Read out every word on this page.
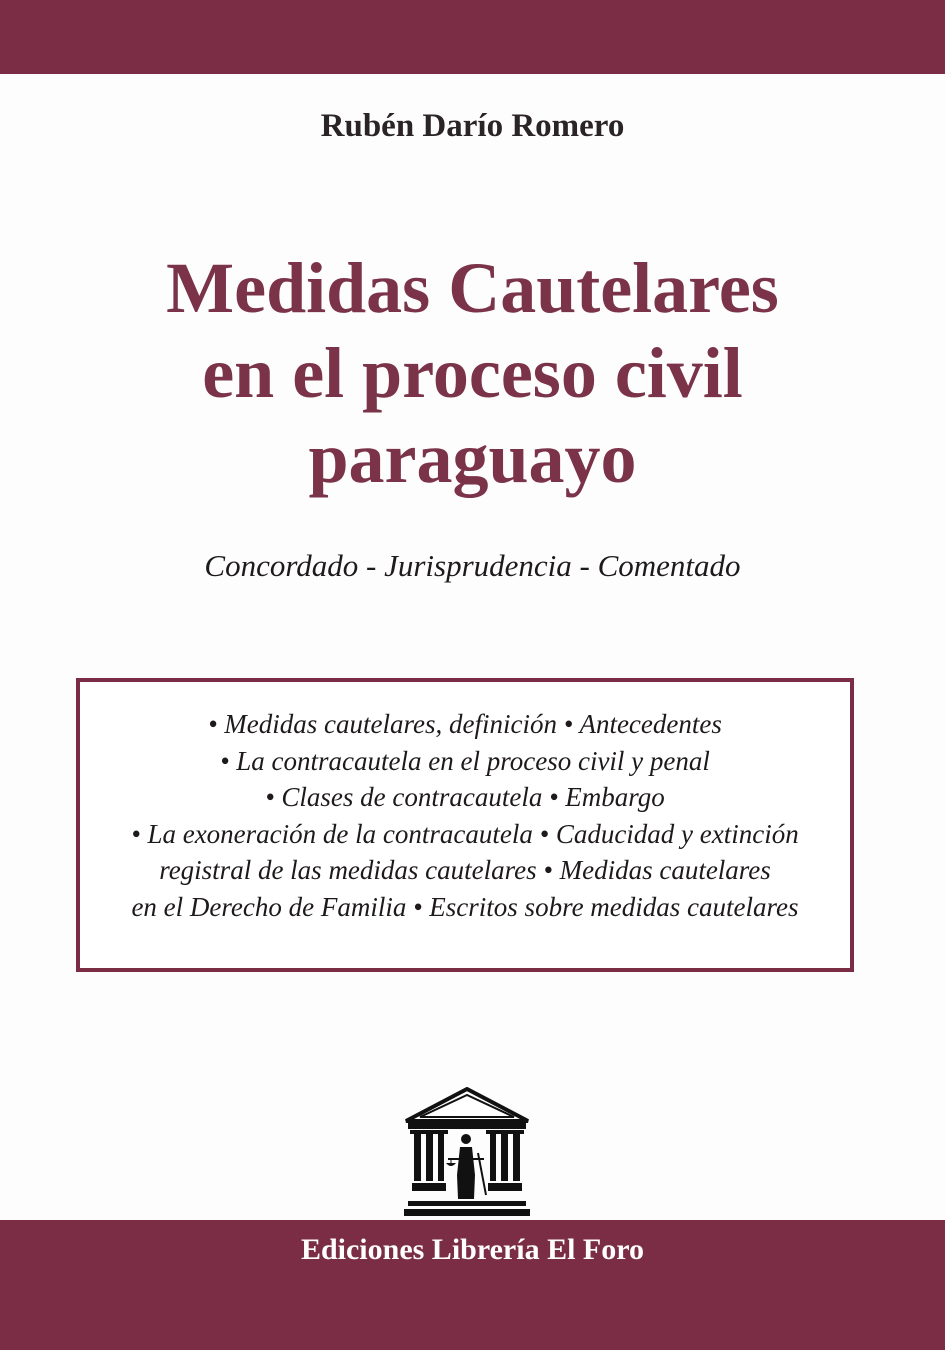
Rubén Darío Romero
Medidas Cautelares
en el proceso civil
paraguayo
Concordado - Jurisprudencia - Comentado
• Medidas cautelares, definición • Antecedentes
• La contracautela en el proceso civil y penal
• Clases de contracautela • Embargo
• La exoneración de la contracautela • Caducidad y extinción
registral de las medidas cautelares • Medidas cautelares
en el Derecho de Familia • Escritos sobre medidas cautelares
Ediciones Librería El Foro
